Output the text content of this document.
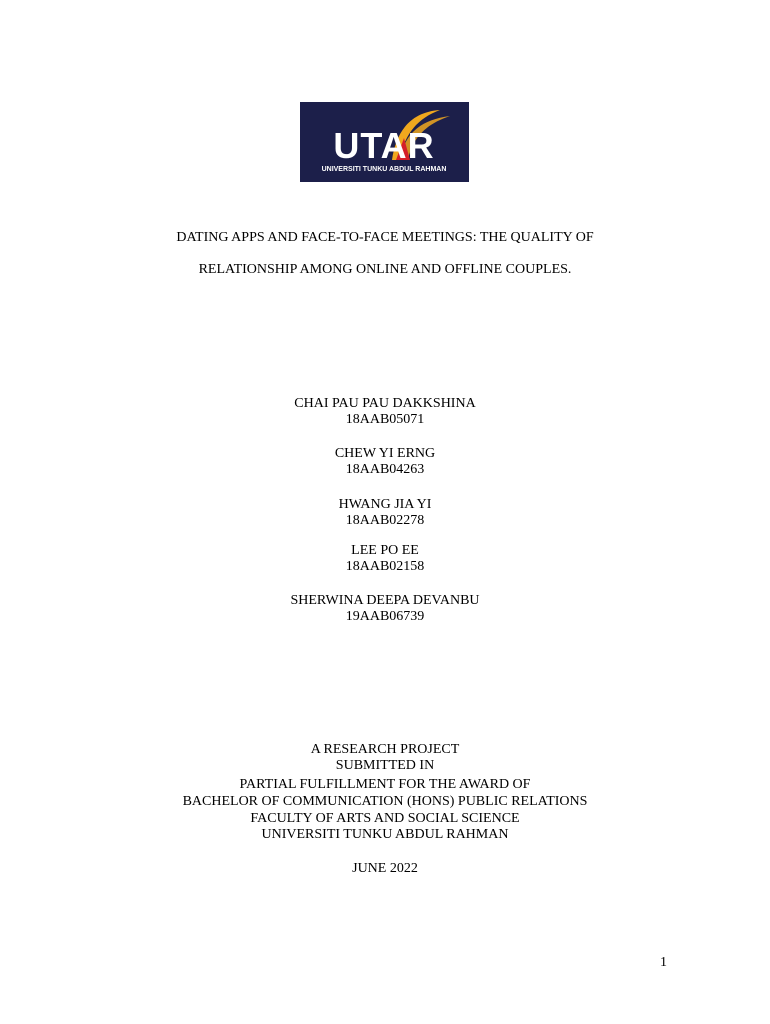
UTAR
UNIVERSITI TUNKU ABDUL RAHMAN
DATING APPS AND FACE-TO-FACE MEETINGS: THE QUALITY OF
RELATIONSHIP AMONG ONLINE AND OFFLINE COUPLES.
CHAI PAU PAU DAKKSHINA
18AAB05071
CHEW YI ERNG
18AAB04263
HWANG JIA YI
18AAB02278
LEE PO EE
18AAB02158
SHERWINA DEEPA DEVANBU
19AAB06739
A RESEARCH PROJECT
SUBMITTED IN
PARTIAL FULFILLMENT FOR THE AWARD OF
BACHELOR OF COMMUNICATION (HONS) PUBLIC RELATIONS
FACULTY OF ARTS AND SOCIAL SCIENCE
UNIVERSITI TUNKU ABDUL RAHMAN
JUNE 2022
1
